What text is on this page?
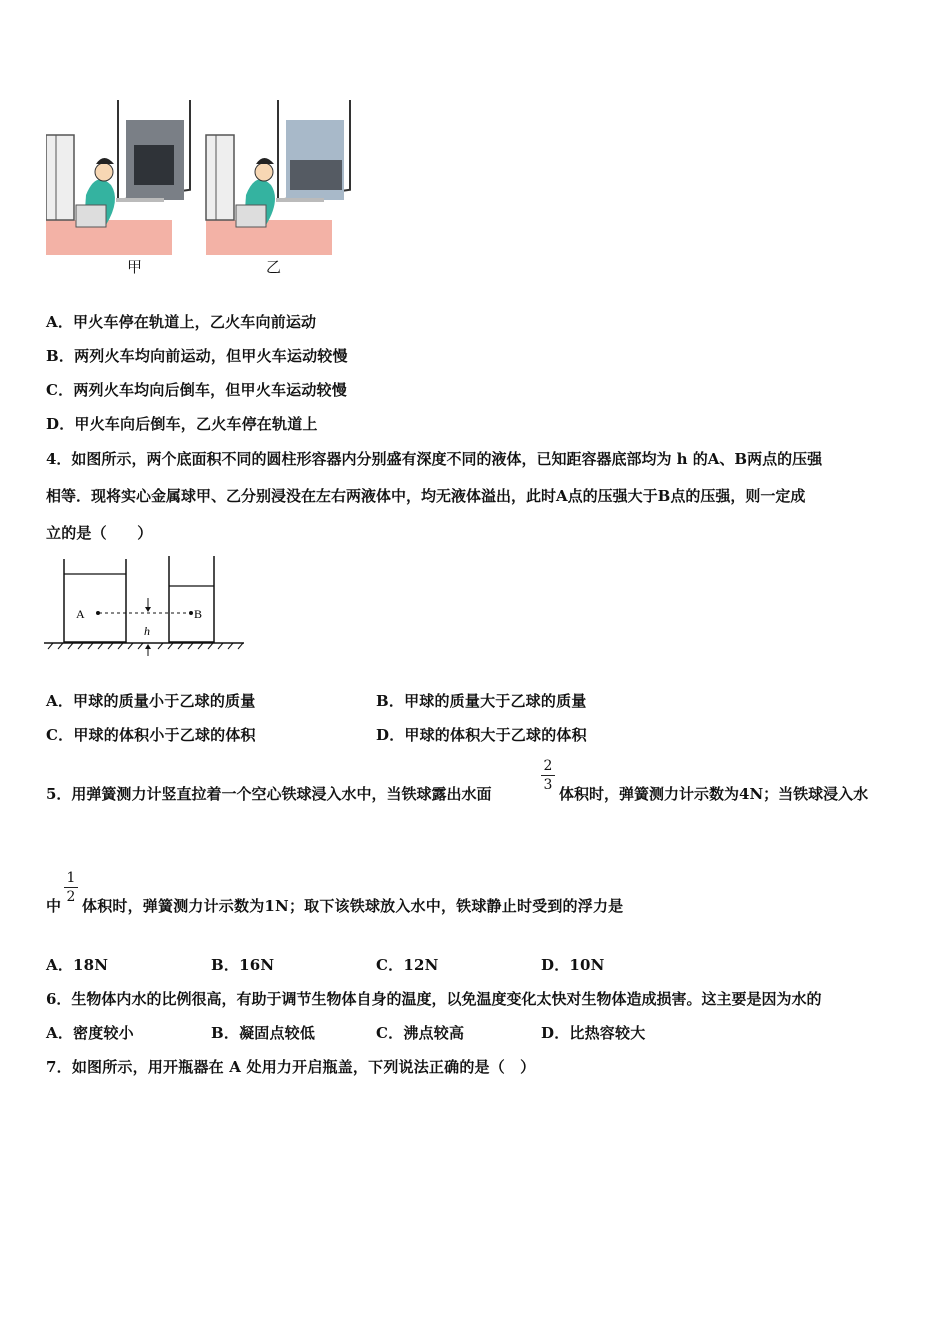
甲	乙
A．甲火车停在轨道上，乙火车向前运动
B．两列火车均向前运动，但甲火车运动较慢
C．两列火车均向后倒车，但甲火车运动较慢
D．甲火车向后倒车，乙火车停在轨道上
4．如图所示，两个底面积不同的圆柱形容器内分别盛有深度不同的液体，已知距容器底部均为 h 的A、B两点的压强
相等．现将实心金属球甲、乙分别浸没在左右两液体中，均无液体溢出，此时A点的压强大于B点的压强，则一定成
立的是（　　）
A	B
h
A．甲球的质量小于乙球的质量	B．甲球的质量大于乙球的质量
C．甲球的体积小于乙球的体积	D．甲球的体积大于乙球的体积
5．用弹簧测力计竖直拉着一个空心铁球浸入水中，当铁球露出水面
2
3 体积时，弹簧测力计示数为4N；当铁球浸入水
中
1
2 体积时，弹簧测力计示数为1N；取下该铁球放入水中，铁球静止时受到的浮力是
A．18N	B．16N	C．12N	D．10N
6．生物体内水的比例很高，有助于调节生物体自身的温度，以免温度变化太快对生物体造成损害。这主要是因为水的
A．密度较小	B．凝固点较低	C．沸点较高	D．比热容较大
7．如图所示，用开瓶器在 A 处用力开启瓶盖，下列说法正确的是（　）
